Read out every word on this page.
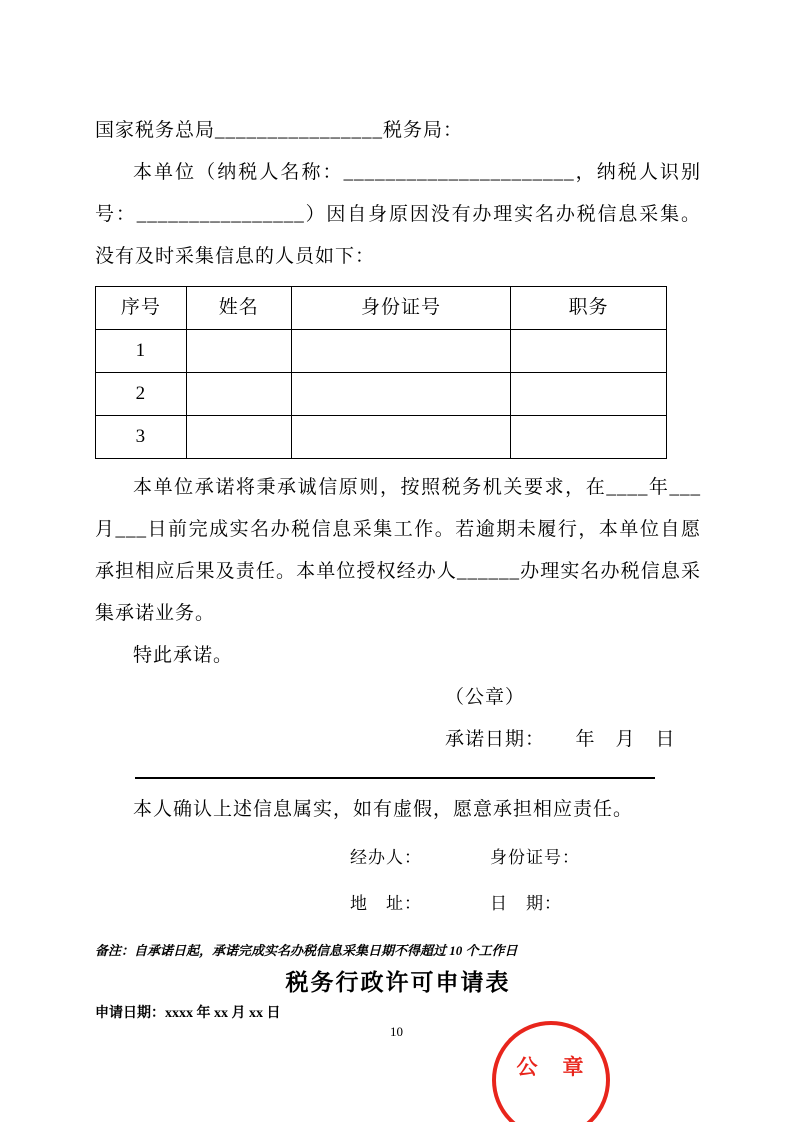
国家税务总局________________税务局：

本单位（纳税人名称：______________________，纳税人识别号：________________）因自身原因没有办理实名办税信息采集。没有及时采集信息的人员如下：

序号	姓名	身份证号	职务
1			
2			
3			

本单位承诺将秉承诚信原则，按照税务机关要求，在____年___月___日前完成实名办税信息采集工作。若逾期未履行，本单位自愿承担相应后果及责任。本单位授权经办人______办理实名办税信息采集承诺业务。

特此承诺。

（公章）

承诺日期：　　年　月　日

本人确认上述信息属实，如有虚假，愿意承担相应责任。

经办人：	身份证号：
地　址：	日　期：

备注：自承诺日起，承诺完成实名办税信息采集日期不得超过 10 个工作日

税务行政许可申请表

申请日期：xxxx 年 xx 月 xx 日

10
公　章
